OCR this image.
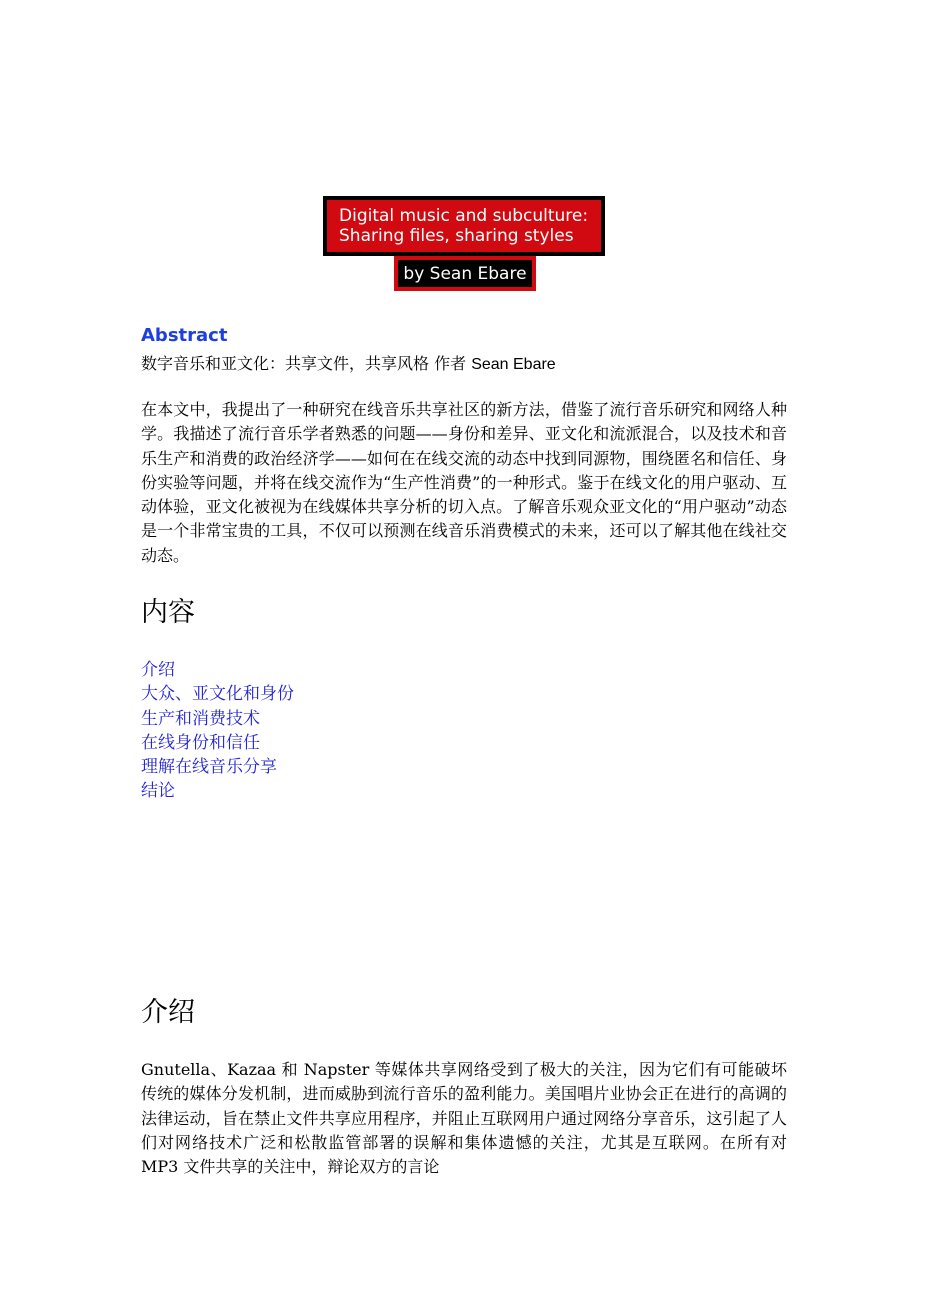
Digital music and subculture:
Sharing files, sharing styles
by Sean Ebare
Abstract
数字音乐和亚文化：共享文件，共享风格 作者 Sean Ebare

在本文中，我提出了一种研究在线音乐共享社区的新方法，借鉴了流行音乐研究和网络人种学。我描述了流行音乐学者熟悉的问题——身份和差异、亚文化和流派混合，以及技术和音乐生产和消费的政治经济学——如何在在线交流的动态中找到同源物，围绕匿名和信任、身份实验等问题，并将在线交流作为“生产性消费”的一种形式。鉴于在线文化的用户驱动、互动体验，亚文化被视为在线媒体共享分析的切入点。了解音乐观众亚文化的“用户驱动”动态是一个非常宝贵的工具，不仅可以预测在线音乐消费模式的未来，还可以了解其他在线社交动态。

内容
介绍
大众、亚文化和身份
生产和消费技术
在线身份和信任
理解在线音乐分享
结论
介绍

Gnutella、Kazaa 和 Napster 等媒体共享网络受到了极大的关注，因为它们有可能破坏传统的媒体分发机制，进而威胁到流行音乐的盈利能力。美国唱片业协会正在进行的高调的法律运动，旨在禁止文件共享应用程序，并阻止互联网用户通过网络分享音乐，这引起了人们对网络技术广泛和松散监管部署的误解和集体遗憾的关注，尤其是互联网。在所有对 MP3 文件共享的关注中，辩论双方的言论
